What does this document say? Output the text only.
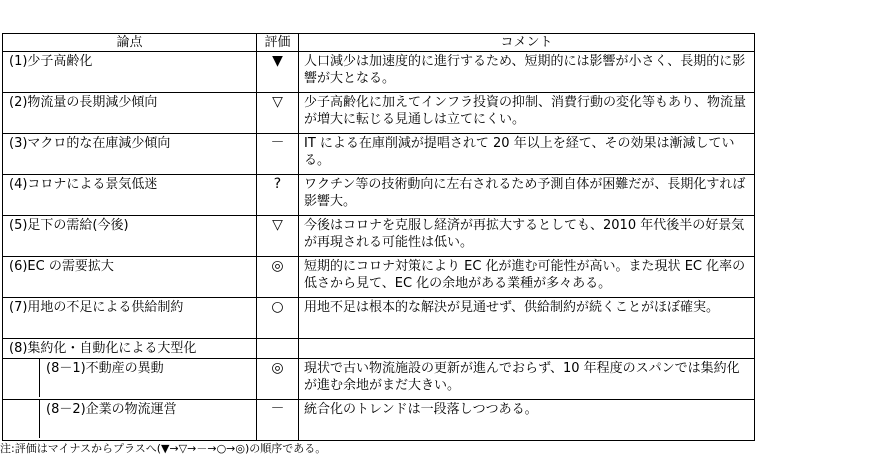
論点	評価	コメント
(1)少子高齢化	▼	人口減少は加速度的に進行するため、短期的には影響が小さく、長期的に影響が大となる。
(2)物流量の長期減少傾向	▽	少子高齢化に加えてインフラ投資の抑制、消費行動の変化等もあり、物流量が増大に転じる見通しは立てにくい。
(3)マクロ的な在庫減少傾向	－	IT による在庫削減が提唱されて 20 年以上を経て、その効果は漸減している。
(4)コロナによる景気低迷	?	ワクチン等の技術動向に左右されるため予測自体が困難だが、長期化すれば影響大。
(5)足下の需給(今後)	▽	今後はコロナを克服し経済が再拡大するとしても、2010 年代後半の好景気が再現される可能性は低い。
(6)EC の需要拡大	◎	短期的にコロナ対策により EC 化が進む可能性が高い。また現状 EC 化率の低さから見て、EC 化の余地がある業種が多々ある。
(7)用地の不足による供給制約	○	用地不足は根本的な解決が見通せず、供給制約が続くことがほぼ確実。
(8)集約化・自動化による大型化		

(8－1)不動産の異動	◎	現状で古い物流施設の更新が進んでおらず、10 年程度のスパンでは集約化が進む余地がまだ大きい。

(8－2)企業の物流運営	－	統合化のトレンドは一段落しつつある。
注:評価はマイナスからプラスへ(▼→▽→－→○→◎)の順序である。
